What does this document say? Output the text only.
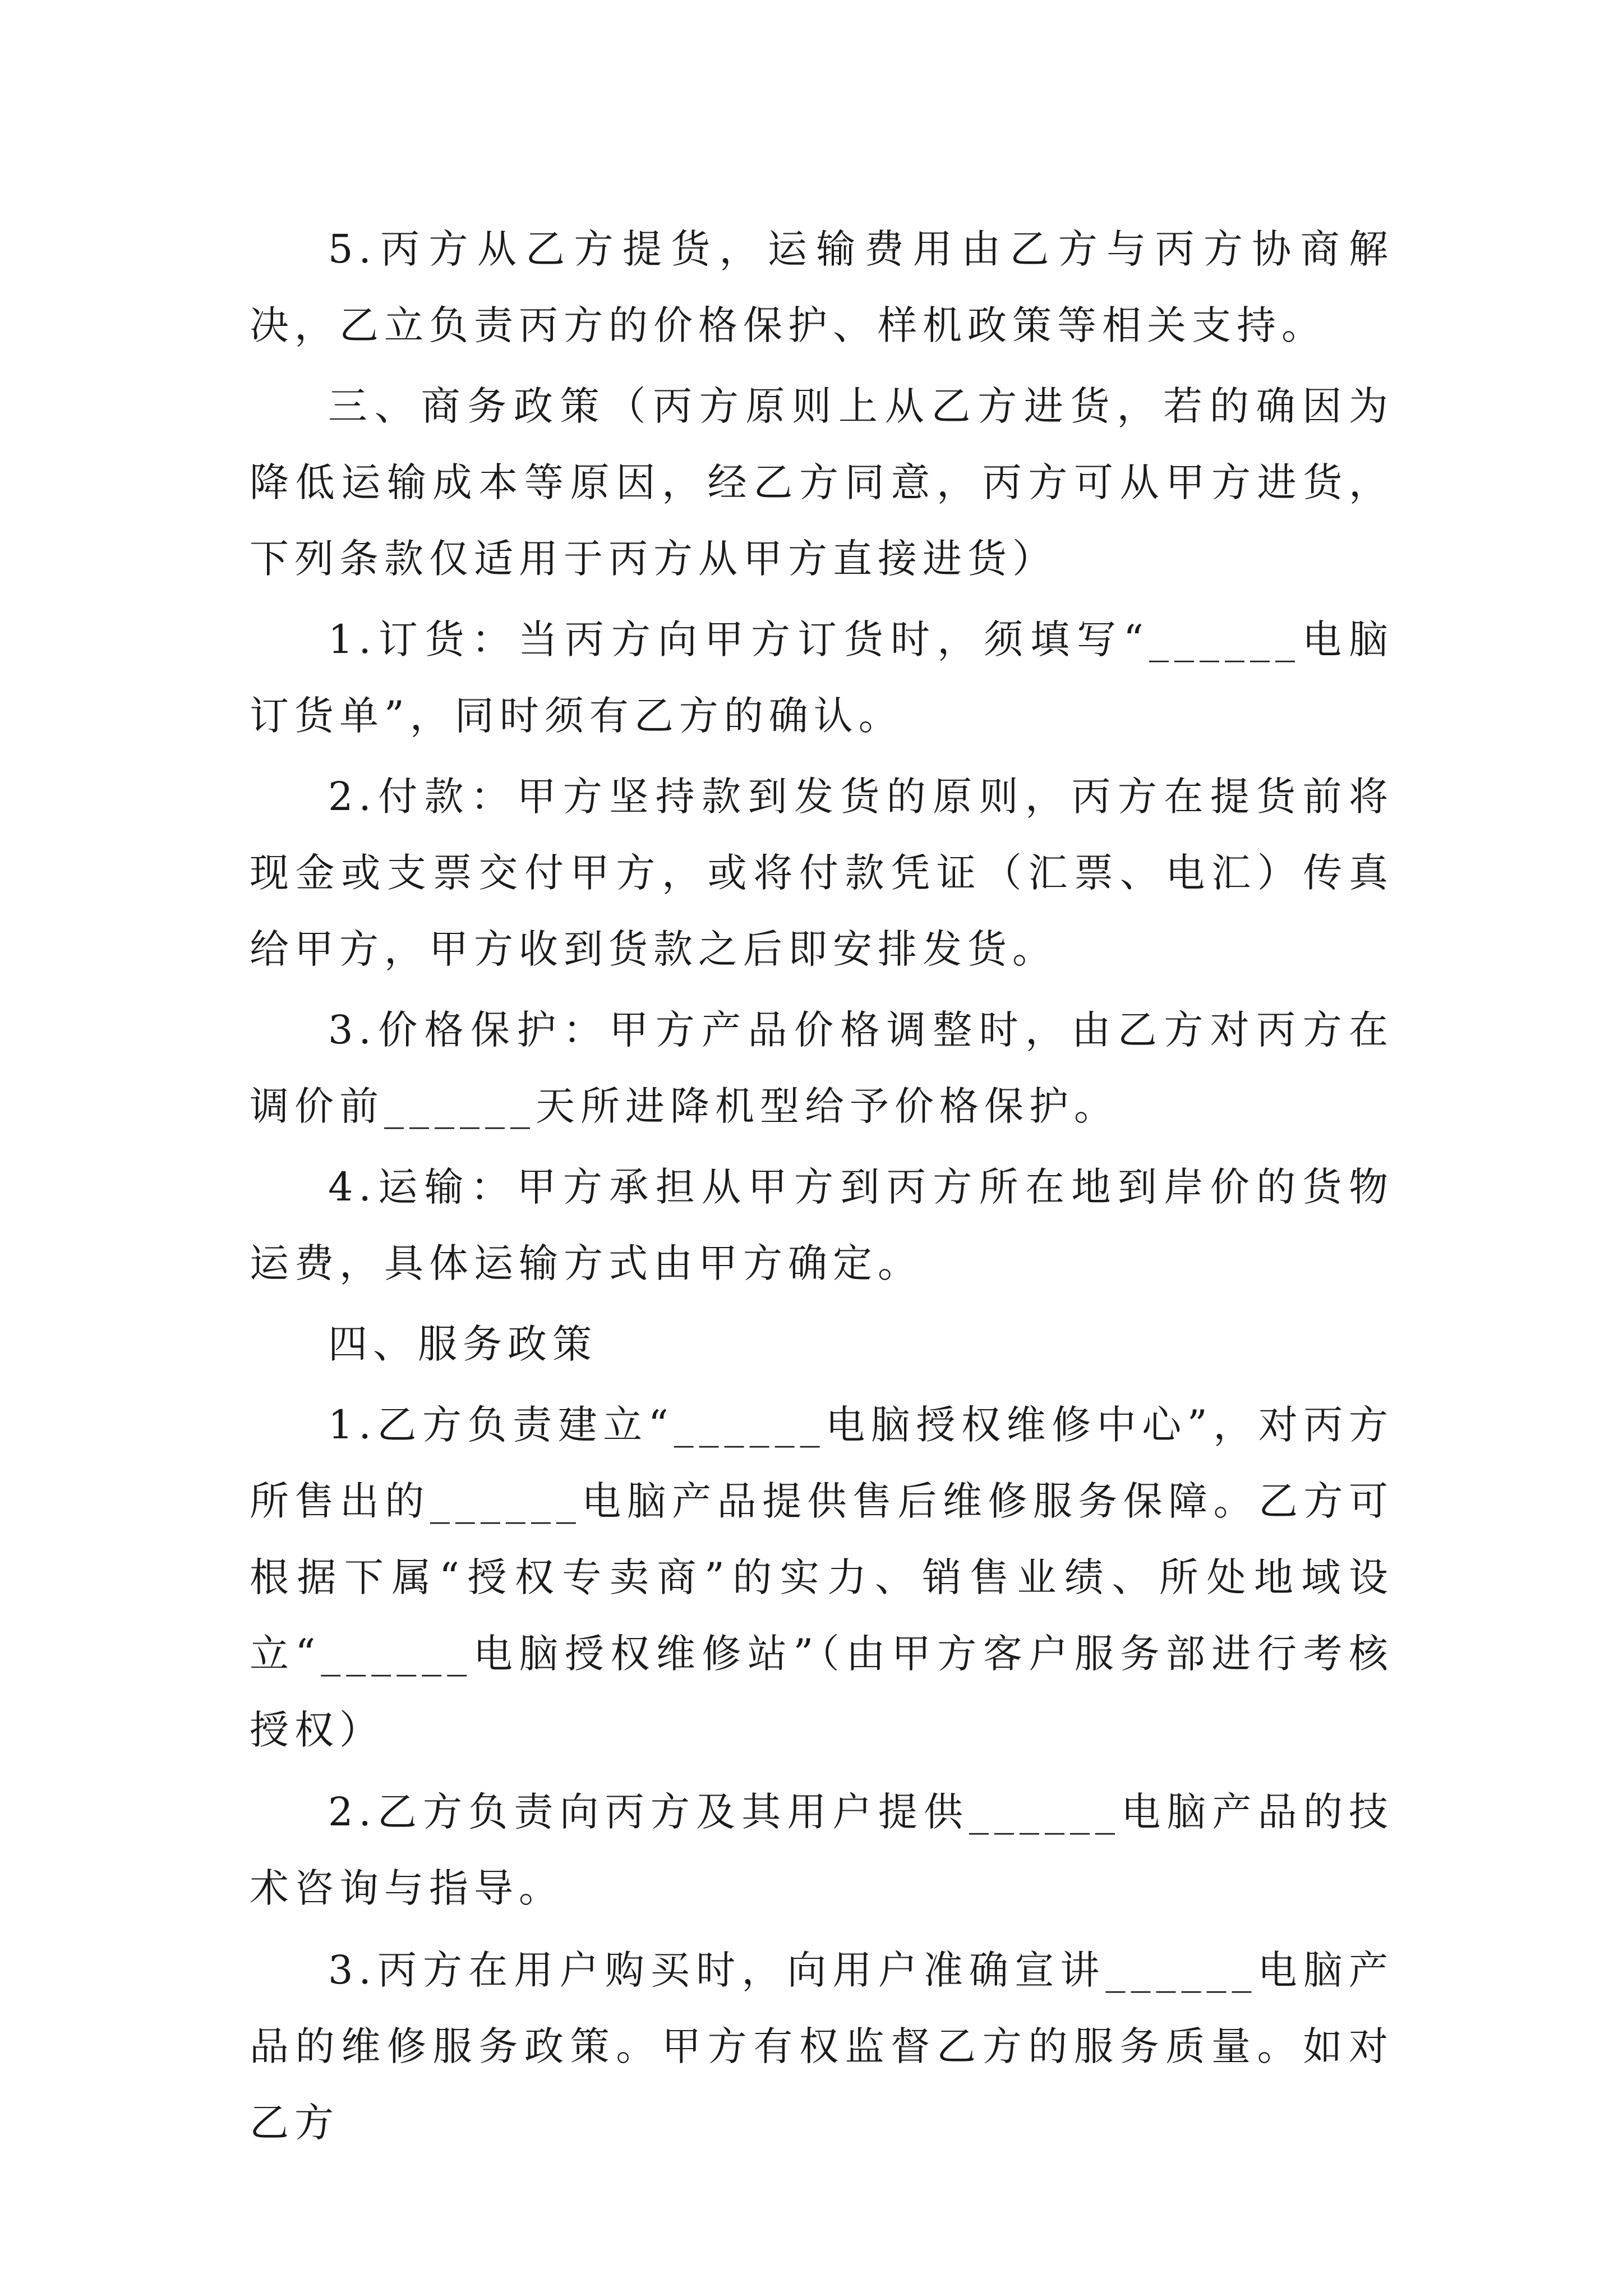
5.丙方从乙方提货，运输费用由乙方与丙方协商解决，乙立负责丙方的价格保护、样机政策等相关支持。

三、商务政策（丙方原则上从乙方进货，若的确因为降低运输成本等原因，经乙方同意，丙方可从甲方进货，下列条款仅适用于丙方从甲方直接进货）

1.订货：当丙方向甲方订货时，须填写“______电脑订货单”，同时须有乙方的确认。

2.付款：甲方坚持款到发货的原则，丙方在提货前将现金或支票交付甲方，或将付款凭证（汇票、电汇）传真给甲方，甲方收到货款之后即安排发货。

3.价格保护：甲方产品价格调整时，由乙方对丙方在调价前______天所进降机型给予价格保护。

4.运输：甲方承担从甲方到丙方所在地到岸价的货物运费，具体运输方式由甲方确定。

四、服务政策

1.乙方负责建立“______电脑授权维修中心”，对丙方所售出的______电脑产品提供售后维修服务保障。乙方可根据下属“授权专卖商”的实力、销售业绩、所处地域设立“______电脑授权维修站”（由甲方客户服务部进行考核授权）

2.乙方负责向丙方及其用户提供______电脑产品的技术咨询与指导。

3.丙方在用户购买时，向用户准确宣讲______电脑产品的维修服务政策。甲方有权监督乙方的服务质量。如对乙方
